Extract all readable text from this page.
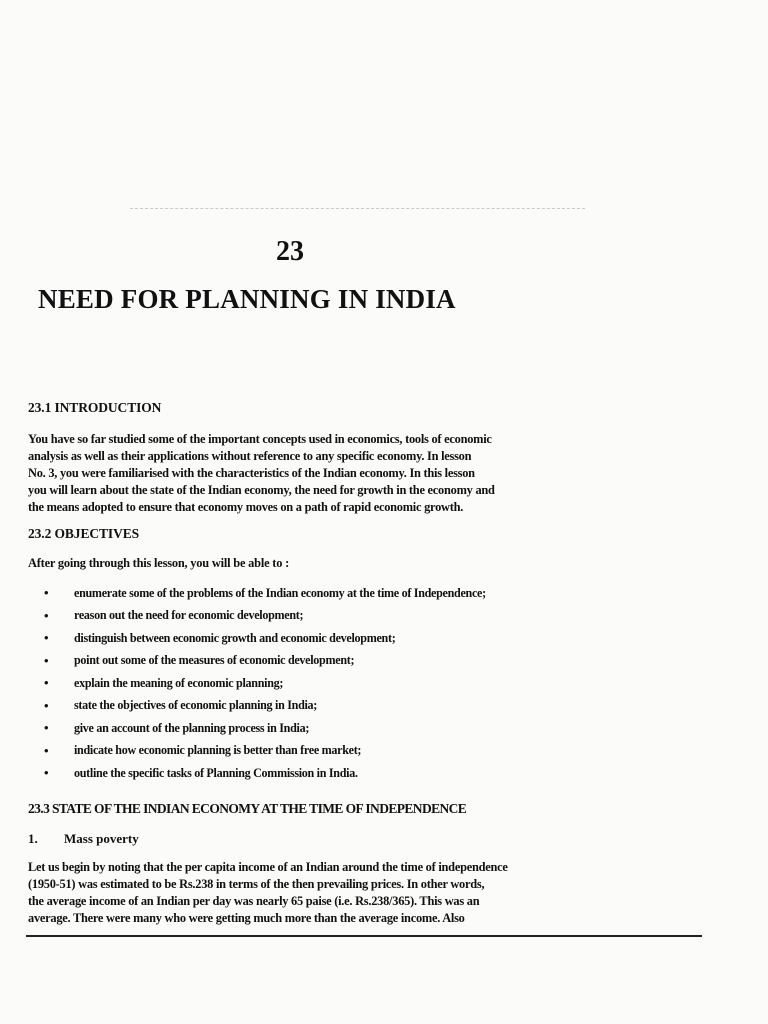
23
NEED FOR PLANNING IN INDIA
23.1 INTRODUCTION

You have so far studied some of the important concepts used in economics, tools of economic
analysis as well as their applications without reference to any specific economy. In lesson
No. 3, you were familiarised with the characteristics of the Indian economy. In this lesson
you will learn about the state of the Indian economy, the need for growth in the economy and
the means adopted to ensure that economy moves on a path of rapid economic growth.

23.2 OBJECTIVES

After going through this lesson, you will be able to :

•	enumerate some of the problems of the Indian economy at the time of Independence;
•	reason out the need for economic development;
•	distinguish between economic growth and economic development;
•	point out some of the measures of economic development;
•	explain the meaning of economic planning;
•	state the objectives of economic planning in India;
•	give an account of the planning process in India;
•	indicate how economic planning is better than free market;
•	outline the specific tasks of Planning Commission in India.
23.3 STATE OF THE INDIAN ECONOMY AT THE TIME OF INDEPENDENCE
1. Mass poverty

Let us begin by noting that the per capita income of an Indian around the time of independence
(1950-51) was estimated to be Rs.238 in terms of the then prevailing prices. In other words,
the average income of an Indian per day was nearly 65 paise (i.e. Rs.238/365). This was an
average. There were many who were getting much more than the average income. Also
